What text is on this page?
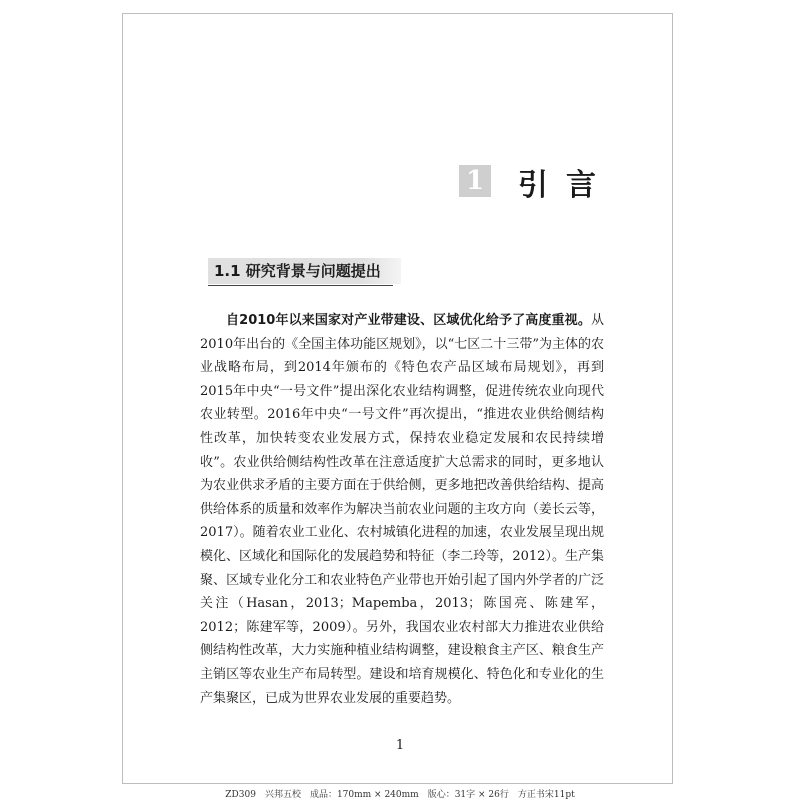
1 引言
1.1 研究背景与问题提出

自2010年以来国家对产业带建设、区域优化给予了高度重视。从2010年出台的《全国主体功能区规划》，以“七区二十三带”为主体的农业战略布局，到2014年颁布的《特色农产品区域布局规划》，再到2015年中央“一号文件”提出深化农业结构调整，促进传统农业向现代农业转型。2016年中央“一号文件”再次提出，“推进农业供给侧结构性改革，加快转变农业发展方式，保持农业稳定发展和农民持续增收”。农业供给侧结构性改革在注意适度扩大总需求的同时，更多地认为农业供求矛盾的主要方面在于供给侧，更多地把改善供给结构、提高供给体系的质量和效率作为解决当前农业问题的主攻方向（姜长云等，2017）。随着农业工业化、农村城镇化进程的加速，农业发展呈现出规模化、区域化和国际化的发展趋势和特征（李二玲等，2012）。生产集聚、区域专业化分工和农业特色产业带也开始引起了国内外学者的广泛关注（Hasan，2013；Mapemba，2013；陈国亮、陈建军，2012；陈建军等，2009）。另外，我国农业农村部大力推进农业供给侧结构性改革，大力实施种植业结构调整，建设粮食主产区、粮食生产主销区等农业生产布局转型。建设和培育规模化、特色化和专业化的生产集聚区，已成为世界农业发展的重要趋势。

1
ZD309　兴邦五校　成品：170mm × 240mm　版心：31字 × 26行　方正书宋11pt
